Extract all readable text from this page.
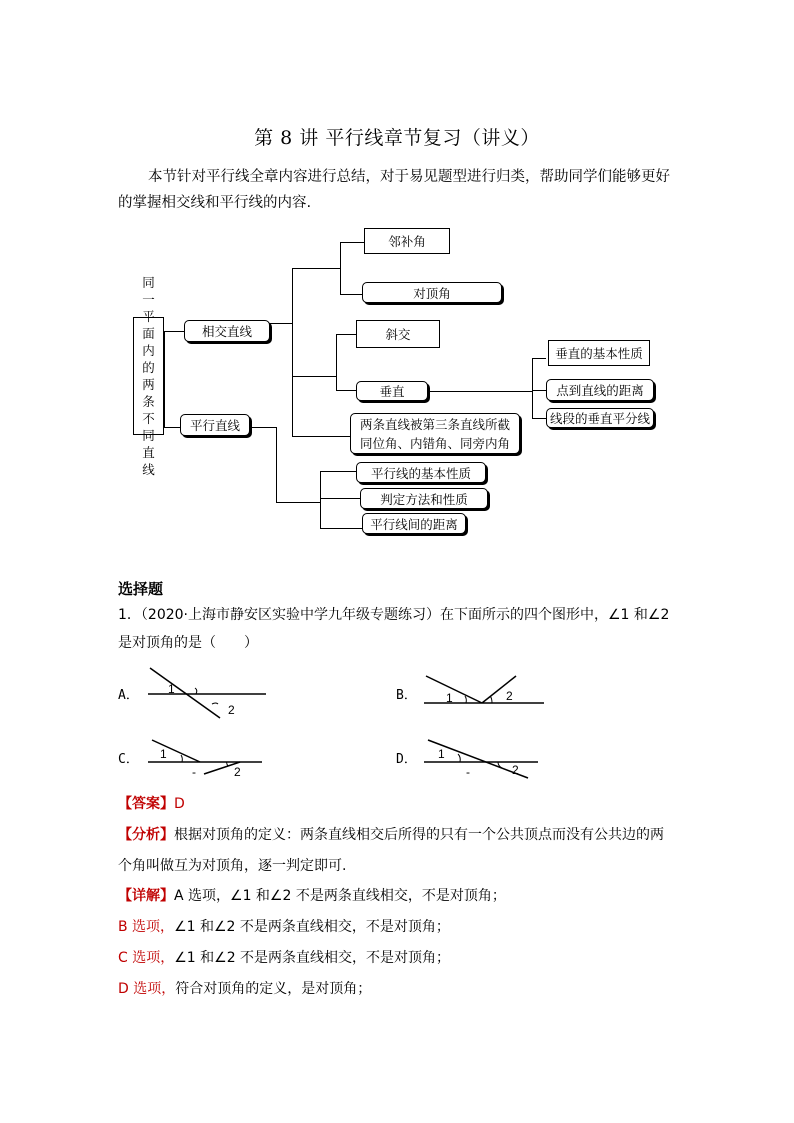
第 8 讲 平行线章节复习（讲义）
本节针对平行线全章内容进行总结，对于易见题型进行归类，帮助同学们能够更好的掌握相交线和平行线的内容.
同一平面内的两条不同直线
相交直线
平行直线
邻补角
对顶角
斜交
垂直
垂直的基本性质
点到直线的距离
线段的垂直平分线
两条直线被第三条直线所截
同位角、内错角、同旁内角
平行线的基本性质
判定方法和性质
平行线间的距离
选择题
1．（2020·上海市静安区实验中学九年级专题练习）在下面所示的四个图形中，∠1 和∠2
是对顶角的是（　　）
A． 1
2
B． 1	2
C． 1
-	2
D． 1
-	2
【答案】D
【分析】根据对顶角的定义：两条直线相交后所得的只有一个公共顶点而没有公共边的两
个角叫做互为对顶角，逐一判定即可.
【详解】A 选项，∠1 和∠2 不是两条直线相交，不是对顶角；
B 选项，∠1 和∠2 不是两条直线相交，不是对顶角；
C 选项，∠1 和∠2 不是两条直线相交，不是对顶角；
D 选项，符合对顶角的定义，是对顶角；
